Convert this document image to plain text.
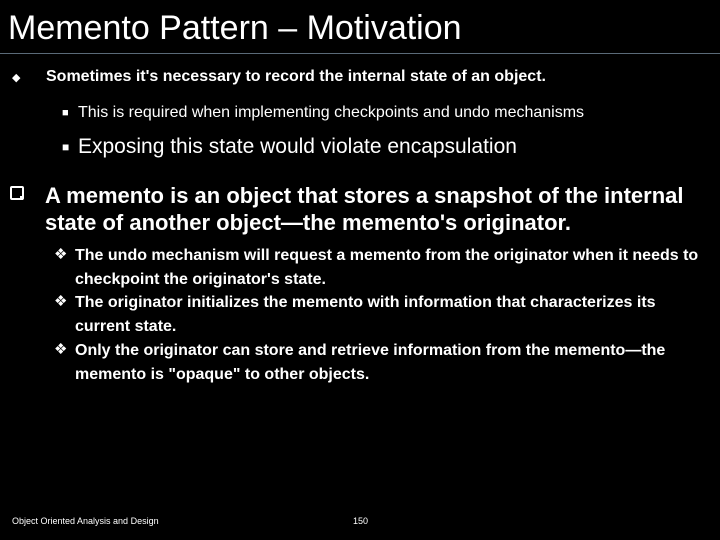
Memento Pattern – Motivation
◆ Sometimes it's necessary to record the internal state of an object.
■ This is required when implementing checkpoints and undo mechanisms
■ Exposing this state would violate encapsulation
A memento is an object that stores a snapshot of the internal state of another object—the memento's originator.
❖ The undo mechanism will request a memento from the originator when it needs to checkpoint the originator's state.
❖ The originator initializes the memento with information that characterizes its current state.
❖ Only the originator can store and retrieve information from the memento—the memento is "opaque" to other objects.
Object Oriented Analysis and Design	150
